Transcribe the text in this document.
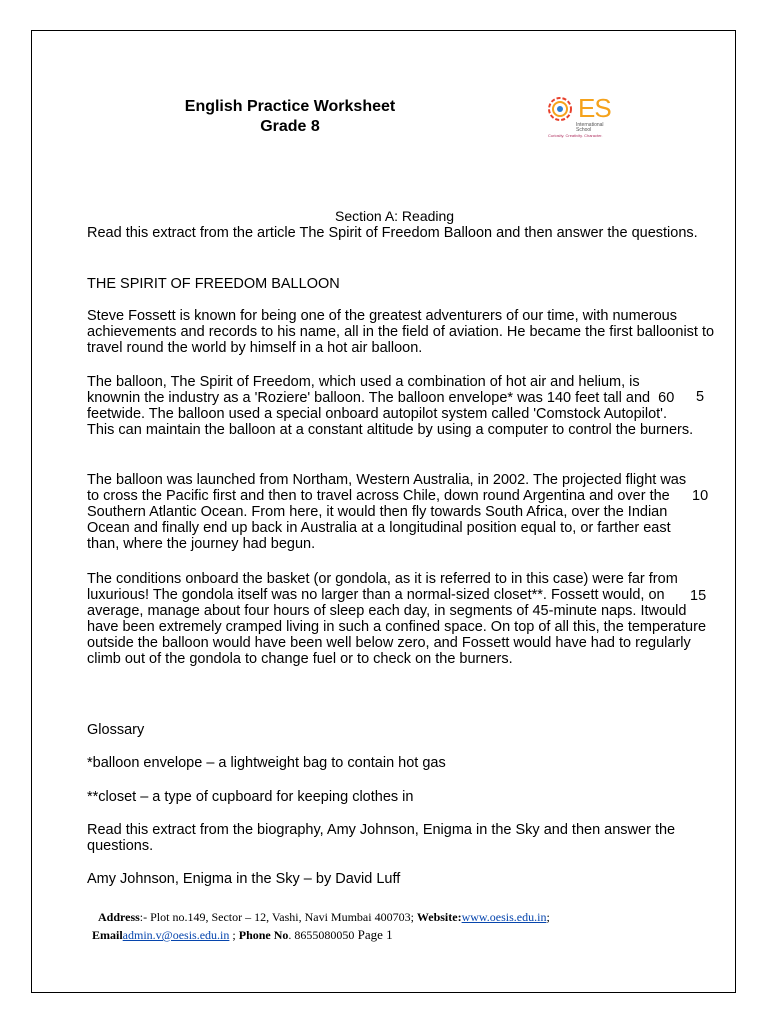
English Practice Worksheet
Grade 8
ES
International School
Curiosity. Creativity. Character.
Section A: Reading
Read this extract from the article The Spirit of Freedom Balloon and then answer the questions.
THE SPIRIT OF FREEDOM BALLOON
Steve Fossett is known for being one of the greatest adventurers of our time, with numerous achievements and records to his name, all in the field of aviation. He became the first balloonist to travel round the world by himself in a hot air balloon.
The balloon, The Spirit of Freedom, which used a combination of hot air and helium, is knownin the industry as a 'Roziere' balloon. The balloon envelope* was 140 feet tall and  60 feetwide. The balloon used a special onboard autopilot system called 'Comstock Autopilot'. This can maintain the balloon at a constant altitude by using a computer to control the burners.
The balloon was launched from Northam, Western Australia, in 2002. The projected flight was to cross the Pacific first and then to travel across Chile, down round Argentina and over the Southern Atlantic Ocean. From here, it would then fly towards South Africa, over the Indian Ocean and finally end up back in Australia at a longitudinal position equal to, or farther east than, where the journey had begun.
The conditions onboard the basket (or gondola, as it is referred to in this case) were far from luxurious! The gondola itself was no larger than a normal-sized closet**. Fossett would, on average, manage about four hours of sleep each day, in segments of 45-minute naps. Itwould have been extremely cramped living in such a confined space. On top of all this, the temperature outside the balloon would have been well below zero, and Fossett would have had to regularly climb out of the gondola to change fuel or to check on the burners.
5
10
15
Glossary
*balloon envelope – a lightweight bag to contain hot gas
**closet – a type of cupboard for keeping clothes in
Read this extract from the biography, Amy Johnson, Enigma in the Sky and then answer the questions.
Amy Johnson, Enigma in the Sky – by David Luff
Address:- Plot no.149, Sector – 12, Vashi, Navi Mumbai 400703; Website:www.oesis.edu.in;
Emailadmin.v@oesis.edu.in ; Phone No. 8655080050 Page 1
